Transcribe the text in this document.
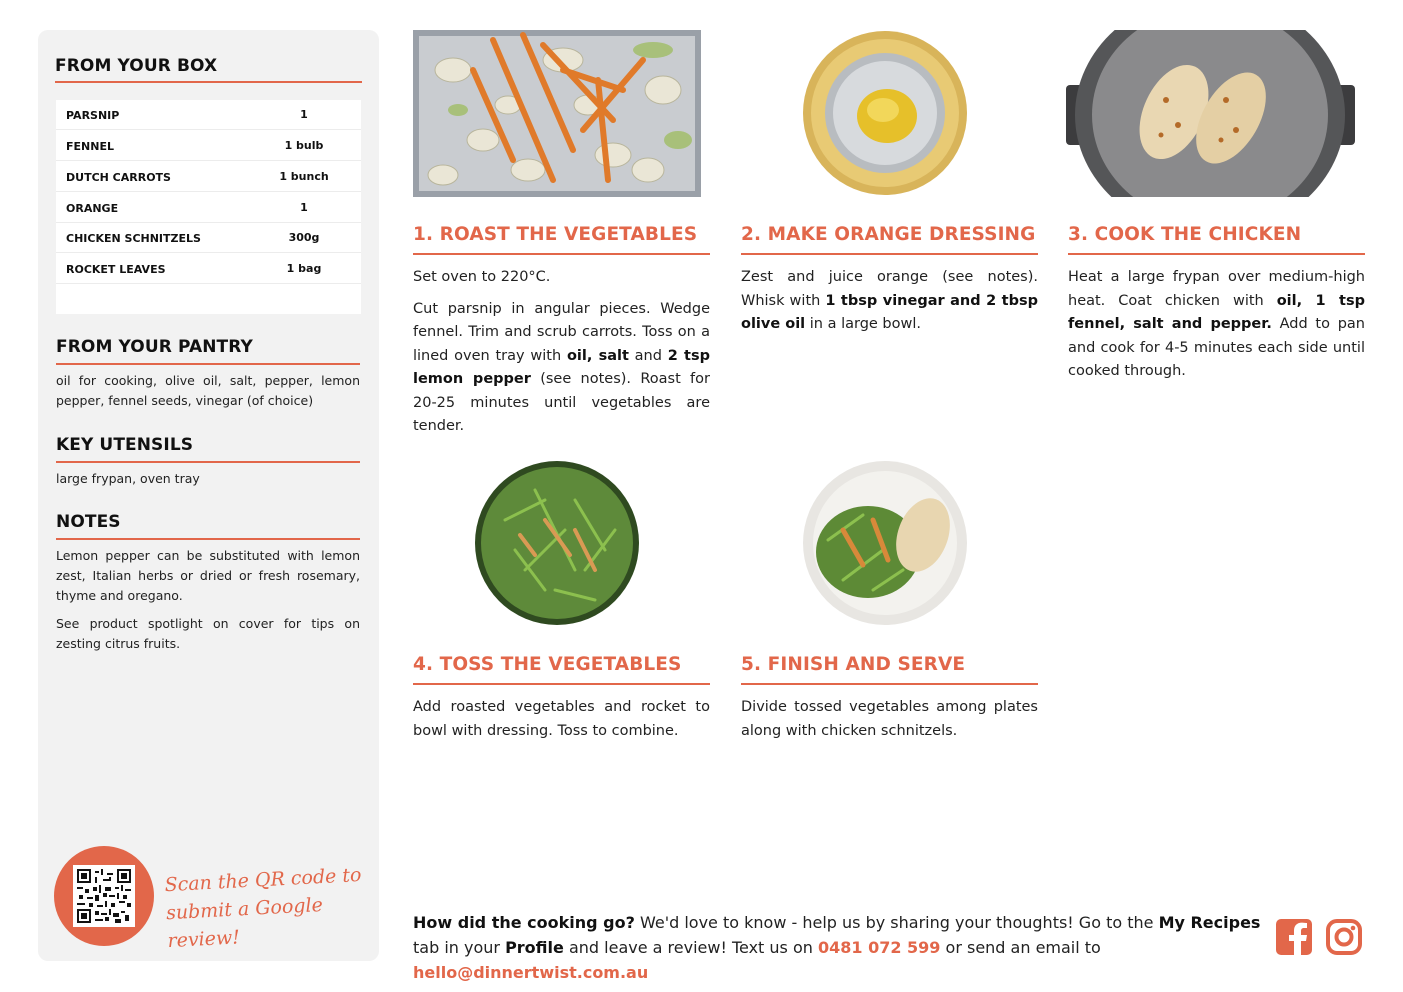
FROM YOUR BOX
PARSNIP	1
FENNEL	1 bulb
DUTCH CARROTS	1 bunch
ORANGE	1
CHICKEN SCHNITZELS	300g
ROCKET LEAVES	1 bag
FROM YOUR PANTRY
oil for cooking, olive oil, salt, pepper, lemon pepper, fennel seeds, vinegar (of choice)
KEY UTENSILS
large frypan, oven tray
NOTES
Lemon pepper can be substituted with lemon zest, Italian herbs or dried or fresh rosemary, thyme and oregano.
See product spotlight on cover for tips on zesting citrus fruits.
Scan the QR code to
submit a Google review!
1. ROAST THE VEGETABLES

Set oven to 220°C.

Cut parsnip in angular pieces. Wedge fennel. Trim and scrub carrots. Toss on a lined oven tray with oil, salt and 2 tsp lemon pepper (see notes). Roast for 20-25 minutes until vegetables are tender.

2. MAKE ORANGE DRESSING
Zest and juice orange (see notes). Whisk with 1 tbsp vinegar and 2 tbsp olive oil in a large bowl.
3. COOK THE CHICKEN
Heat a large frypan over medium-high heat. Coat chicken with oil, 1 tsp fennel, salt and pepper. Add to pan and cook for 4-5 minutes each side until cooked through.
4. TOSS THE VEGETABLES
Add roasted vegetables and rocket to bowl with dressing. Toss to combine.
5. FINISH AND SERVE
Divide tossed vegetables among plates along with chicken schnitzels.
How did the cooking go? We'd love to know - help us by sharing your thoughts! Go to the My Recipes tab in your Profile and leave a review! Text us on 0481 072 599 or send an email to hello@dinnertwist.com.au
